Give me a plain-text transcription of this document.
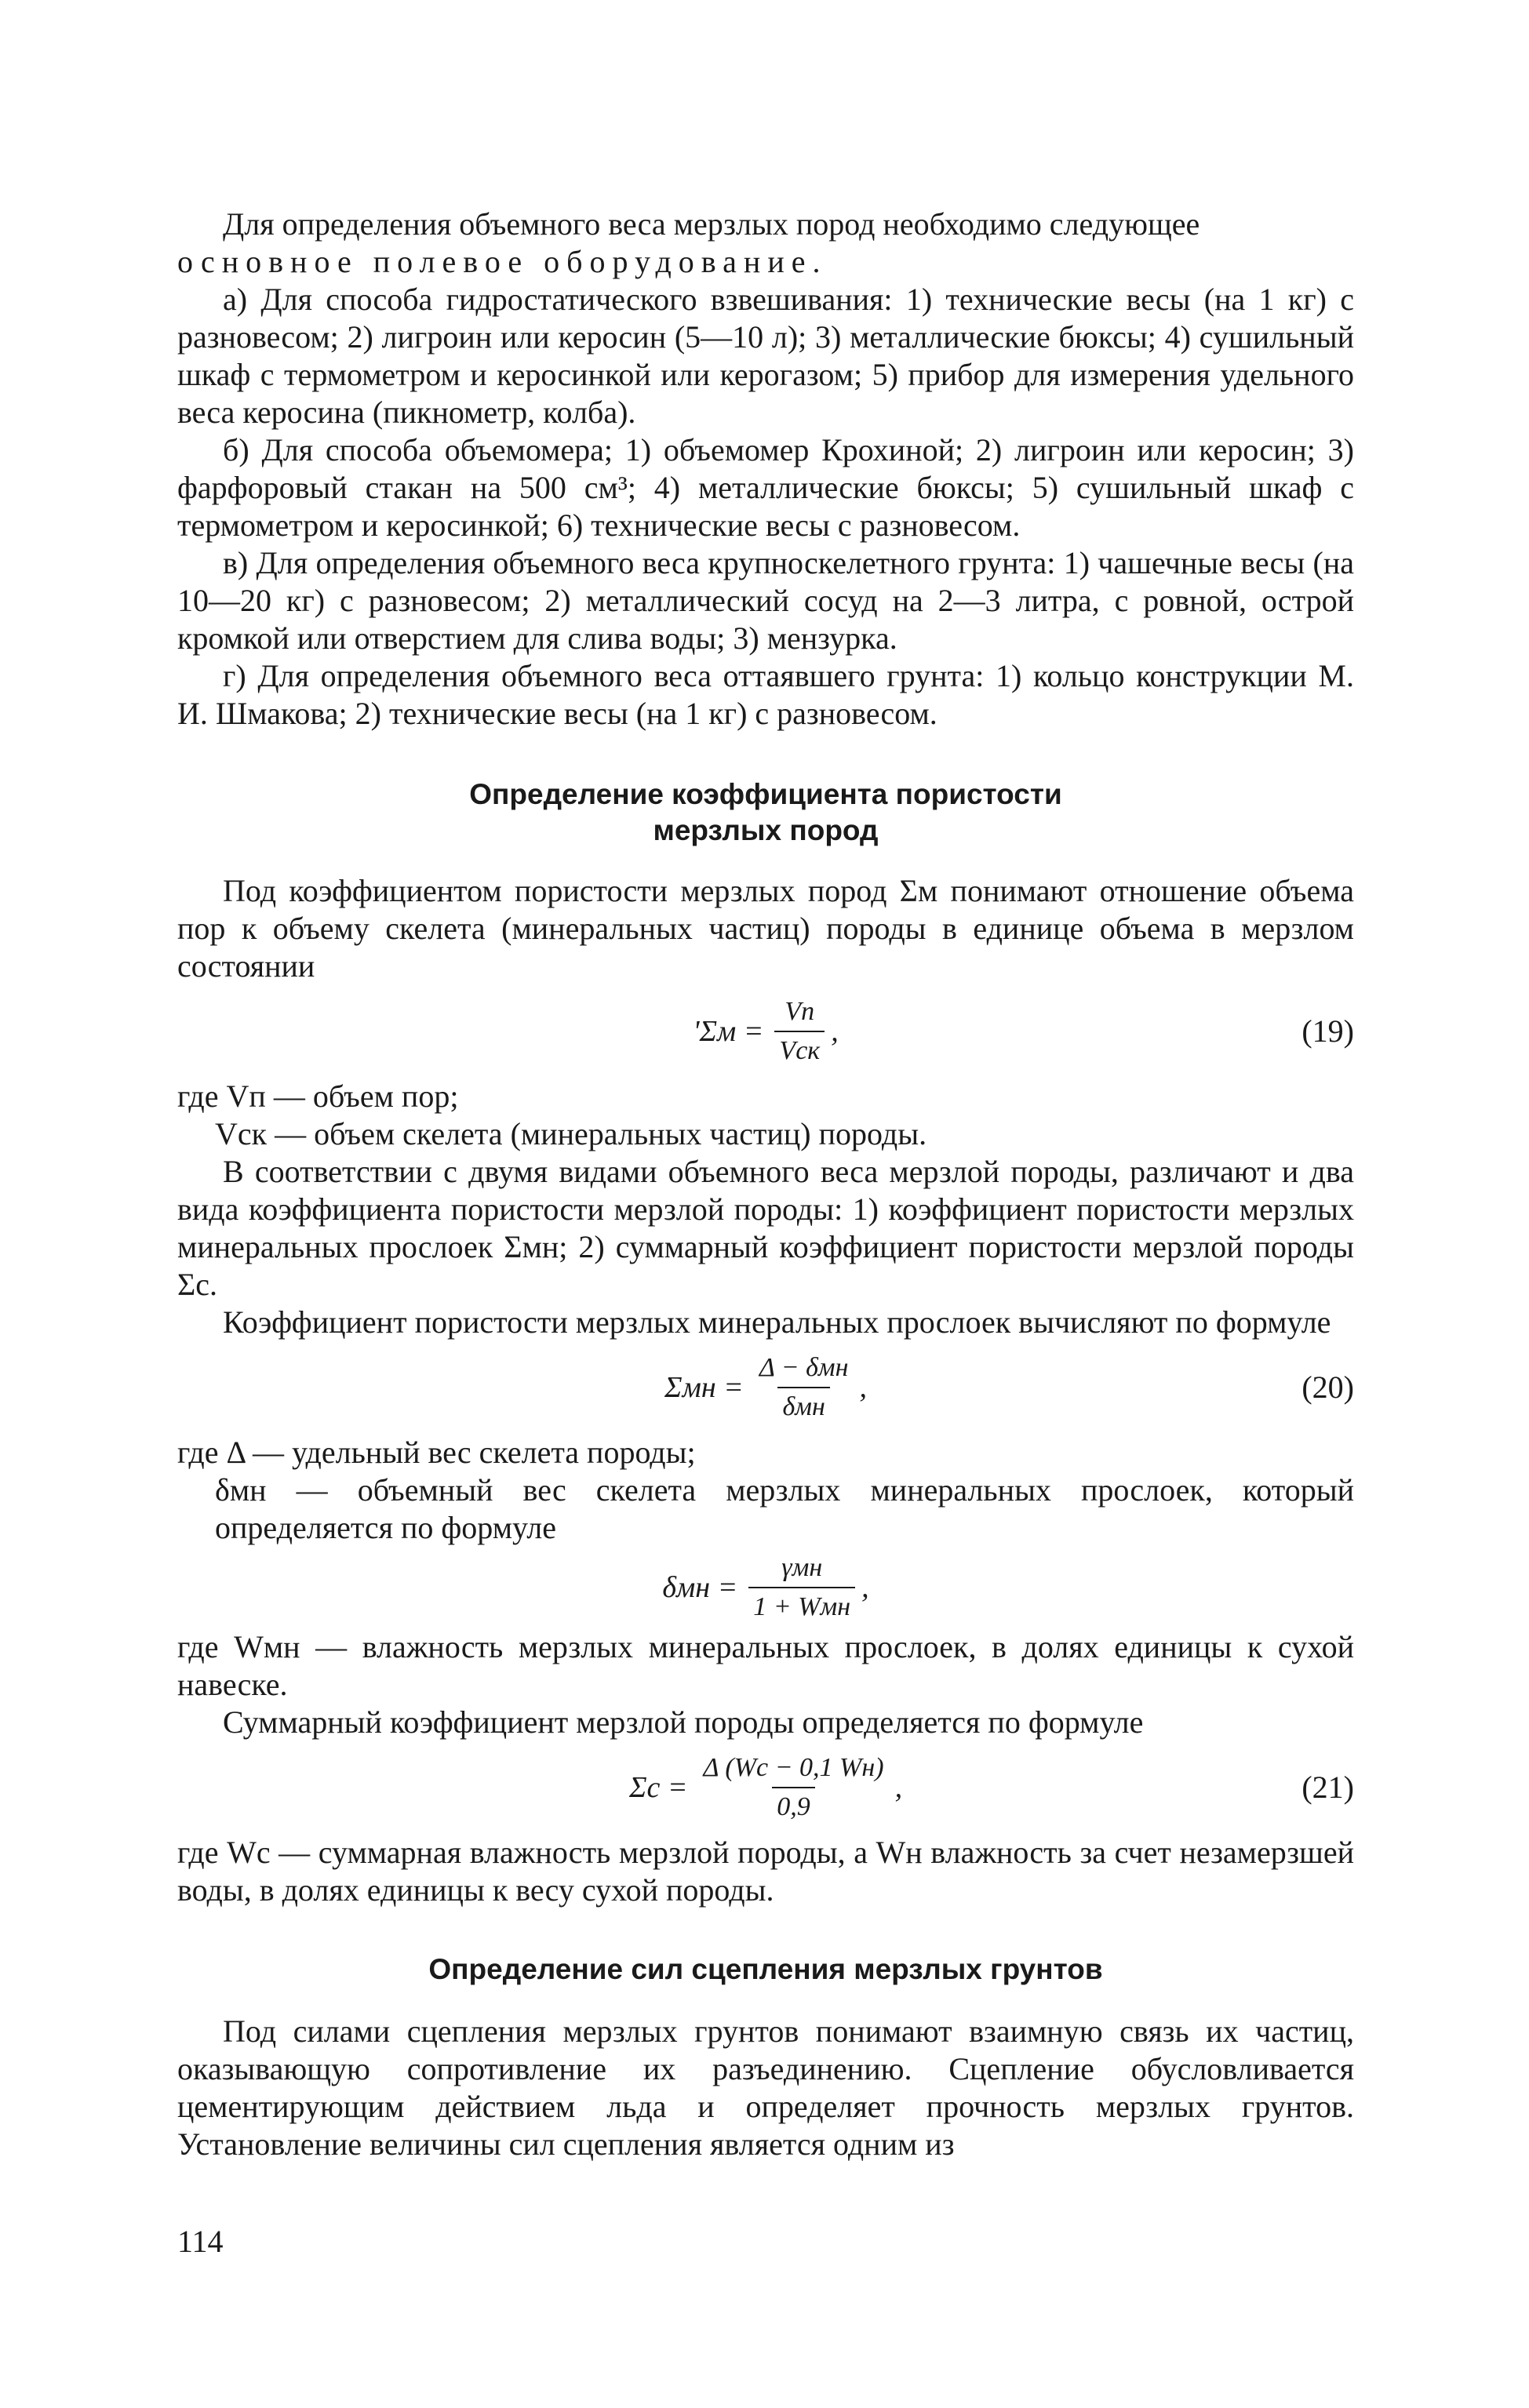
Для определения объемного веса мерзлых пород необходимо следующее

основное полевое оборудование.

а) Для способа гидростатического взвешивания: 1) технические весы (на 1 кг) с разновесом; 2) лигроин или керосин (5—10 л); 3) металлические бюксы; 4) сушильный шкаф с термометром и керосинкой или керогазом; 5) прибор для измерения удельного веса керосина (пикнометр, колба).

б) Для способа объемомера; 1) объемомер Крохиной; 2) лигроин или керосин; 3) фарфоровый стакан на 500 см³; 4) металлические бюксы; 5) сушильный шкаф с термометром и керосинкой; 6) технические весы с разновесом.

в) Для определения объемного веса крупноскелетного грунта: 1) чашечные весы (на 10—20 кг) с разновесом; 2) металлический сосуд на 2—3 литра, с ровной, острой кромкой или отверстием для слива воды; 3) мензурка.

г) Для определения объемного веса оттаявшего грунта: 1) кольцо конструкции М. И. Шмакова; 2) технические весы (на 1 кг) с разновесом.

Определение коэффициента пористости
мерзлых пород

Под коэффициентом пористости мерзлых пород Σм понимают отношение объема пор к объему скелета (минеральных частиц) породы в единице объема в мерзлом состоянии

'$\Sigma м = \frac{Vп}{\text{Vск}}$ ,	(19)

где Vп — объем пор;

Vск — объем скелета (минеральных частиц) породы.

В соответствии с двумя видами объемного веса мерзлой породы, различают и два вида коэффициента пористости мерзлой породы: 1) коэффициент пористости мерзлых минеральных прослоек Σмн; 2) суммарный коэффициент пористости мерзлой породы Σс.

Коэффициент пористости мерзлых минеральных прослоек вычисляют по формуле

$\Sigma мн = \frac{\text{Δ − δмн}}{\text{δмн}}$ ,	(20)

где Δ — удельный вес скелета породы;

δмн — объемный вес скелета мерзлых минеральных прослоек, который определяется по формуле

$\delta мн = \frac{\text{γмн}}{\text{1 + Wмн}}$ ,

где Wмн — влажность мерзлых минеральных прослоек, в долях единицы к сухой навеске.

Суммарный коэффициент мерзлой породы определяется по формуле

$\Sigma с = \frac{\Delta (Wс - 0,1 Wн)}{0,9}$ ,	(21)

где Wс — суммарная влажность мерзлой породы, а Wн влажность за счет незамерзшей воды, в долях единицы к весу сухой породы.

Определение сил сцепления мерзлых грунтов

Под силами сцепления мерзлых грунтов понимают взаимную связь их частиц, оказывающую сопротивление их разъединению. Сцепление обусловливается цементирующим действием льда и определяет прочность мерзлых грунтов. Установление величины сил сцепления является одним из

114
